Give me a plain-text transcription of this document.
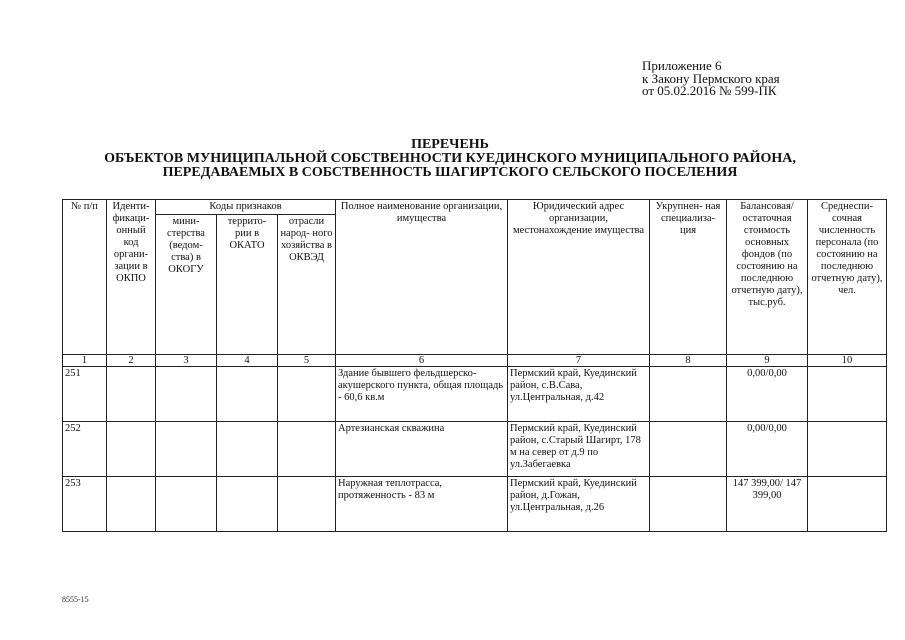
Приложение 6
к Закону Пермского края
от 05.02.2016 № 599-ПК
ПЕРЕЧЕНЬ
ОБЪЕКТОВ МУНИЦИПАЛЬНОЙ СОБСТВЕННОСТИ КУЕДИНСКОГО МУНИЦИПАЛЬНОГО РАЙОНА,
ПЕРЕДАВАЕМЫХ В СОБСТВЕННОСТЬ ШАГИРТСКОГО СЕЛЬСКОГО ПОСЕЛЕНИЯ
№ п/п	Иденти- фикаци- онный код органи- зации в ОКПО	Коды признаков			Полное наименование организации, имущества	Юридический адрес организации, местонахождение имущества	Укрупнен- ная специализа- ция	Балансовая/ остаточная стоимость основных фондов (по состоянию на последнюю отчетную дату), тыс.руб.	Среднеспи- сочная численность персонала (по состоянию на последнюю отчетную дату), чел.
		мини- стерства (ведом- ства) в ОКОГУ	террито- рии в ОКАТО	отрасли народ- ного хозяйства в ОКВЭД					
1	2	3	4	5	6	7	8	9	10
251					Здание бывшего фельдшерско-акушерского пункта, общая площадь - 60,6 кв.м	Пермский край, Куединский район, с.В.Сава, ул.Центральная, д.42		0,00/0,00	
252					Артезианская скважина	Пермский край, Куединский район, с.Старый Шагирт, 178 м на север от д.9 по ул.Забегаевка		0,00/0,00	
253					Наружная теплотрасса, протяженность - 83 м	Пермский край, Куединский район, д.Гожан, ул.Центральная, д.26		147 399,00/ 147 399,00	
8555-15
